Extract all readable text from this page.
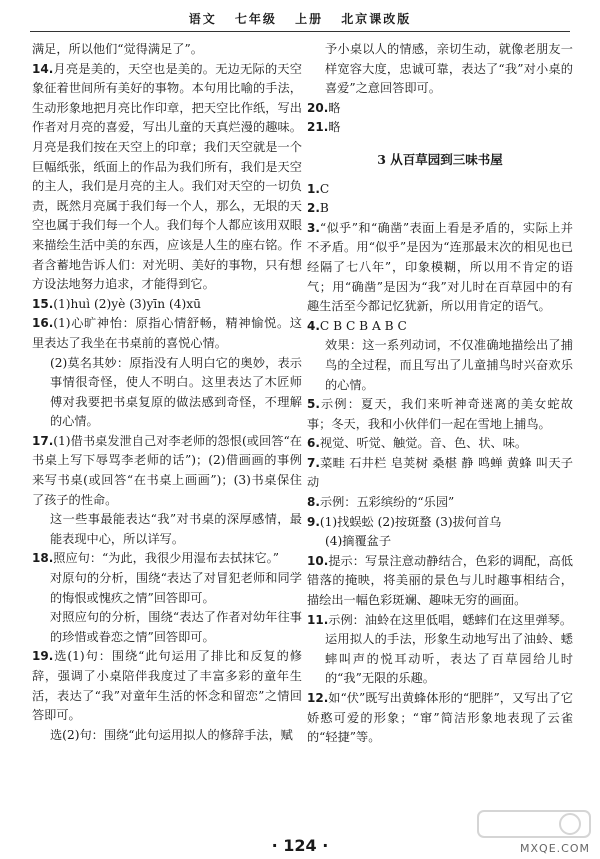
语文 七年级 上册 北京课改版

满足，所以他们“觉得满足了”。

14.月亮是美的，天空也是美的。无边无际的天空象征着世间所有美好的事物。本句用比喻的手法，生动形象地把月亮比作印章，把天空比作纸，写出作者对月亮的喜爱，写出儿童的天真烂漫的趣味。月亮是我们按在天空上的印章；我们天空就是一个巨幅纸张，纸面上的作品为我们所有，我们是天空的主人，我们是月亮的主人。我们对天空的一切负责，既然月亮属于我们每一个人，那么，无垠的天空也属于我们每一个人。我们每个人都应该用双眼来描绘生活中美的东西，应该是人生的座右铭。作者含蓄地告诉人们：对光明、美好的事物，只有想方设法地努力追求，才能得到它。

15.(1)huì (2)yè (3)yīn (4)xū

16.(1)心旷神怡：原指心情舒畅，精神愉悦。这里表达了我坐在书桌前的喜悦心情。

(2)莫名其妙：原指没有人明白它的奥妙，表示事情很奇怪，使人不明白。这里表达了木匠师傅对我要把书桌复原的做法感到奇怪，不理解的心情。

17.(1)借书桌发泄自己对李老师的怨恨(或回答“在书桌上写下辱骂李老师的话”)；(2)借画画的事例来写书桌(或回答“在书桌上画画”)；(3)书桌保住了孩子的性命。

这一些事最能表达“我”对书桌的深厚感情，最能表现中心，所以详写。

18.照应句：“为此，我很少用湿布去拭抹它。”

对原句的分析，围绕“表达了对冒犯老师和同学的悔恨或愧疚之情”回答即可。

对照应句的分析，围绕“表达了作者对幼年往事的珍惜或眷恋之情”回答即可。

19.选(1)句：围绕“此句运用了排比和反复的修辞，强调了小桌陪伴我度过了丰富多彩的童年生活，表达了“我”对童年生活的怀念和留恋”之情回答即可。

选(2)句：围绕“此句运用拟人的修辞手法，赋

予小桌以人的情感，亲切生动，就像老朋友一样宽容大度，忠诚可靠，表达了“我”对小桌的喜爱”之意回答即可。

20.略

21.略

3 从百草园到三味书屋

1.C

2.B

3.“似乎”和“确凿”表面上看是矛盾的，实际上并不矛盾。用“似乎”是因为“连那最末次的相见也已经隔了七八年”，印象模糊，所以用不肯定的语气；用“确凿”是因为“我”对儿时在百草园中的有趣生活至今都记忆犹新，所以用肯定的语气。

4.C B C B A B C

效果：这一系列动词，不仅准确地描绘出了捕鸟的全过程，而且写出了儿童捕鸟时兴奋欢乐的心情。

5.示例：夏天，我们来听神奇迷离的美女蛇故事；冬天，我和小伙伴们一起在雪地上捕鸟。

6.视觉、听觉、触觉。音、色、状、味。

7.菜畦 石井栏 皂荚树 桑椹 静 鸣蝉 黄蜂 叫天子 动

8.示例：五彩缤纷的“乐园”

9.(1)找蜈蚣 (2)按斑蝥 (3)拔何首乌

(4)摘覆盆子

10.提示：写景注意动静结合，色彩的调配，高低错落的掩映，将美丽的景色与儿时趣事相结合，描绘出一幅色彩斑斓、趣味无穷的画面。

11.示例：油蛉在这里低唱，蟋蟀们在这里弹琴。

运用拟人的手法，形象生动地写出了油蛉、蟋蟀叫声的悦耳动听，表达了百草园给儿时的“我”无限的乐趣。

12.如“伏”既写出黄蜂体形的“肥胖”，又写出了它娇憨可爱的形象；“窜”简洁形象地表现了云雀的“轻捷”等。

· 124 ·	MXQE.COM
